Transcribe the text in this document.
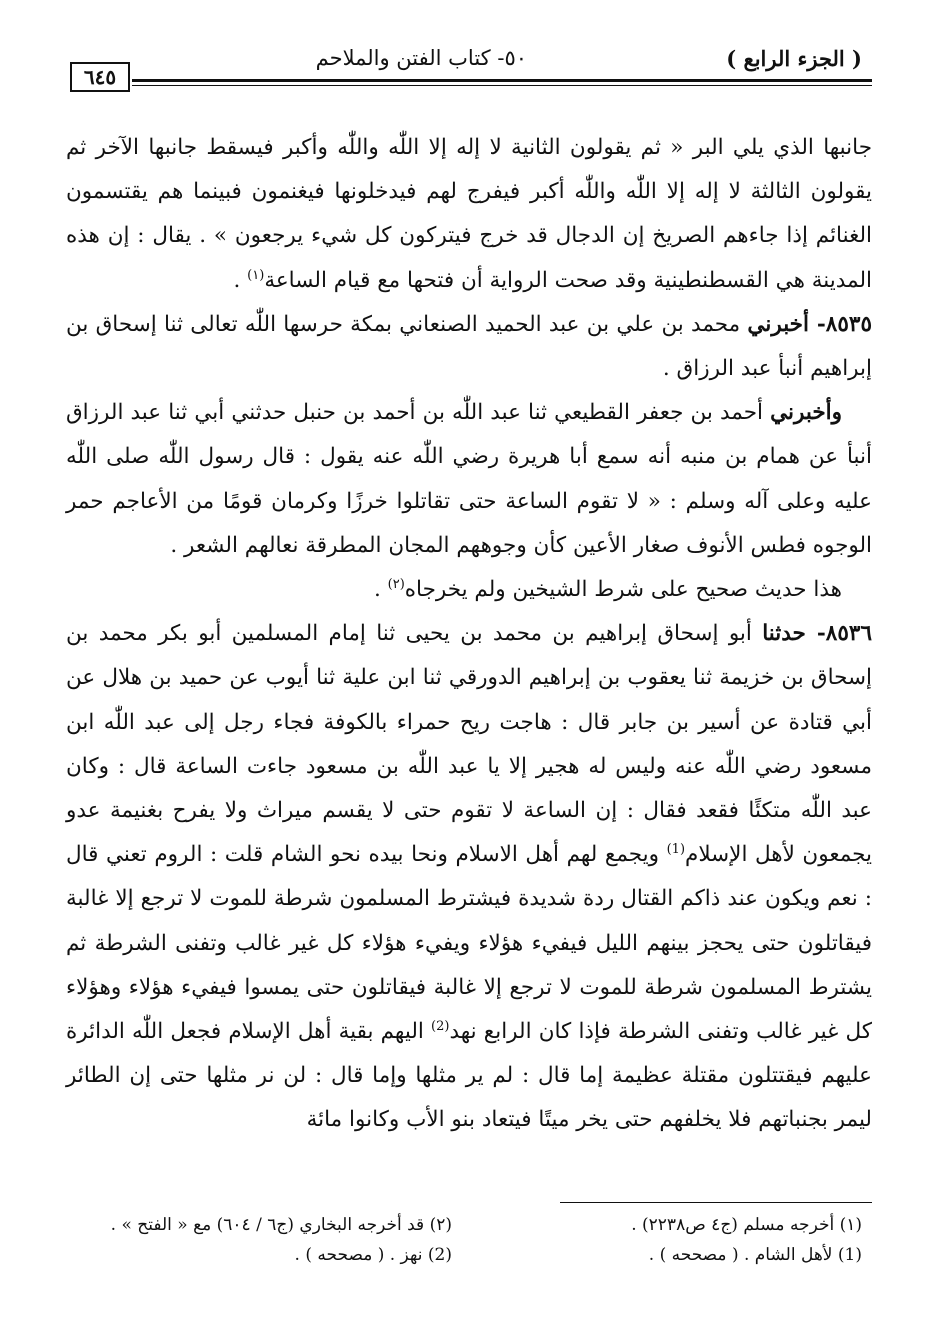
( الجزء الرابع )
٥٠- كتاب الفتن والملاحم
٦٤٥

جانبها الذي يلي البر « ثم يقولون الثانية لا إله إلا اللّٰه واللّٰه وأكبر فيسقط جانبها الآخر ثم يقولون الثالثة لا إله إلا اللّٰه واللّٰه أكبر فيفرج لهم فيدخلونها فيغنمون فبينما هم يقتسمون الغنائم إذا جاءهم الصريخ إن الدجال قد خرج فيتركون كل شيء يرجعون » . يقال : إن هذه المدينة هي القسطنطينية وقد صحت الرواية أن فتحها مع قيام الساعة$^{(١)}$ .

٨٥٣٥- أخبرني محمد بن علي بن عبد الحميد الصنعاني بمكة حرسها اللّٰه تعالى ثنا إسحاق بن إبراهيم أنبأ عبد الرزاق .

وأخبرني أحمد بن جعفر القطيعي ثنا عبد اللّٰه بن أحمد بن حنبل حدثني أبي ثنا عبد الرزاق أنبأ عن همام بن منبه أنه سمع أبا هريرة رضي اللّٰه عنه يقول : قال رسول اللّٰه صلى اللّٰه عليه وعلى آله وسلم : « لا تقوم الساعة حتى تقاتلوا خرزًا وكرمان قومًا من الأعاجم حمر الوجوه فطس الأنوف صغار الأعين كأن وجوههم المجان المطرقة نعالهم الشعر .

هذا حديث صحيح على شرط الشيخين ولم يخرجاه$^{(٢)}$ .

٨٥٣٦- حدثنا أبو إسحاق إبراهيم بن محمد بن يحيى ثنا إمام المسلمين أبو بكر محمد بن إسحاق بن خزيمة ثنا يعقوب بن إبراهيم الدورقي ثنا ابن علية ثنا أيوب عن حميد بن هلال عن أبي قتادة عن أسير بن جابر قال : هاجت ريح حمراء بالكوفة فجاء رجل إلى عبد اللّٰه ابن مسعود رضي اللّٰه عنه وليس له هجير إلا يا عبد اللّٰه بن مسعود جاءت الساعة قال : وكان عبد اللّٰه متكئًا فقعد فقال : إن الساعة لا تقوم حتى لا يقسم ميراث ولا يفرح بغنيمة عدو يجمعون لأهل الإسلام$^{(1)}$ ويجمع لهم أهل الاسلام ونحا بيده نحو الشام قلت : الروم تعني قال : نعم ويكون عند ذاكم القتال ردة شديدة فيشترط المسلمون شرطة للموت لا ترجع إلا غالبة فيقاتلون حتى يحجز بينهم الليل فيفيء هؤلاء ويفيء هؤلاء كل غير غالب وتفنى الشرطة ثم يشترط المسلمون شرطة للموت لا ترجع إلا غالبة فيقاتلون حتى يمسوا فيفيء هؤلاء وهؤلاء كل غير غالب وتفنى الشرطة فإذا كان الرابع نهد$^{(2)}$ اليهم بقية أهل الإسلام فجعل اللّٰه الدائرة عليهم فيقتتلون مقتلة عظيمة إما قال : لم ير مثلها وإما قال : لن نر مثلها حتى إن الطائر ليمر بجنباتهم فلا يخلفهم حتى يخر ميتًا فيتعاد بنو الأب وكانوا مائة

(١) أخرجه مسلم (ج٤ ص٢٢٣٨) .
(٢) قد أخرجه البخاري (ج٦ / ٦٠٤) مع « الفتح » .
(1) لأهل الشام . ( مصححه ) .
(2) نهز . ( مصححه ) .
